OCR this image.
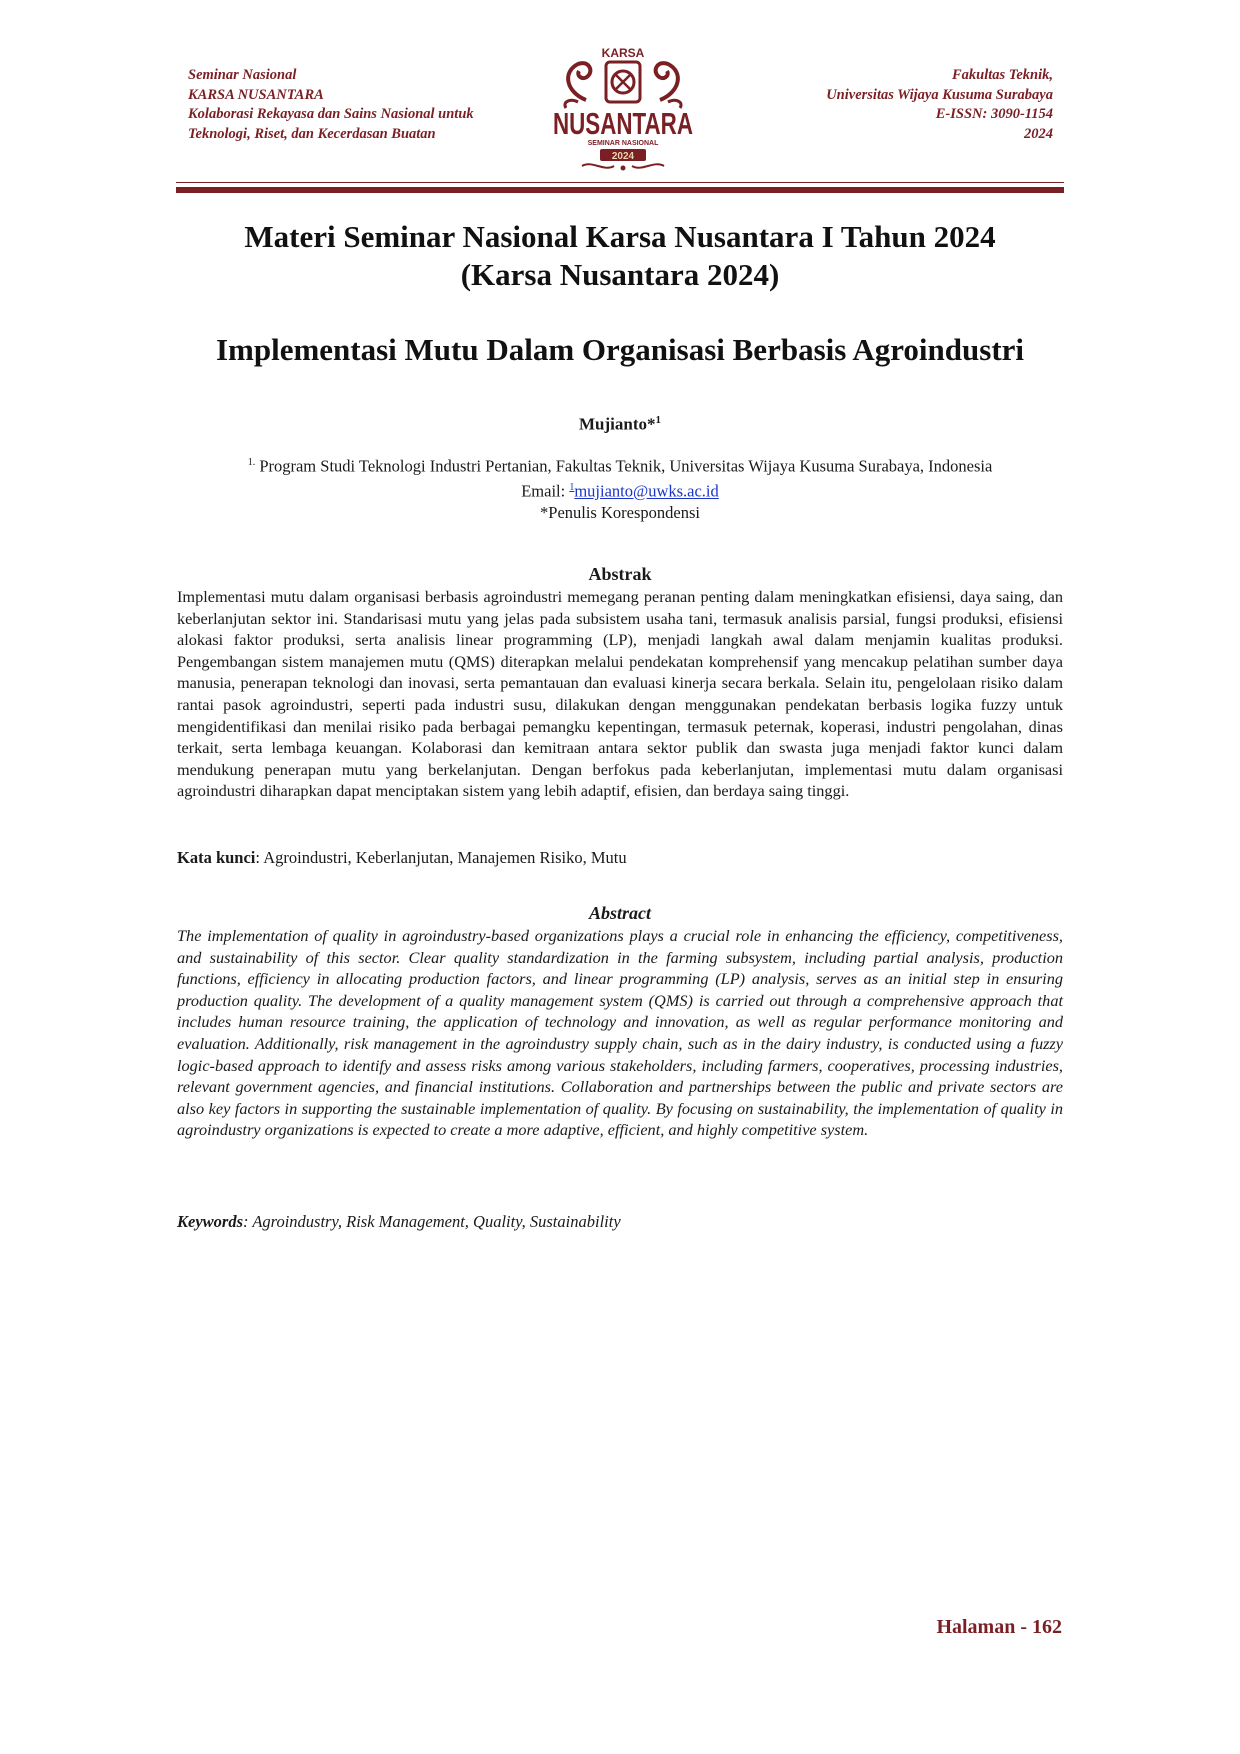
Seminar Nasional
KARSA NUSANTARA
Kolaborasi Rekayasa dan Sains Nasional untuk
Teknologi, Riset, dan Kecerdasan Buatan
KARSA
NUSANTARA
SEMINAR NASIONAL
2024
Fakultas Teknik,
Universitas Wijaya Kusuma Surabaya
E-ISSN: 3090-1154
2024
Materi Seminar Nasional Karsa Nusantara I Tahun 2024
(Karsa Nusantara 2024)
Implementasi Mutu Dalam Organisasi Berbasis Agroindustri
Mujianto*$^1$
$^{1.}$ Program Studi Teknologi Industri Pertanian, Fakultas Teknik, Universitas Wijaya Kusuma Surabaya, Indonesia
Email: $^1$mujianto@uwks.ac.id
*Penulis Korespondensi
Abstrak
Implementasi mutu dalam organisasi berbasis agroindustri memegang peranan penting dalam meningkatkan efisiensi, daya saing, dan keberlanjutan sektor ini. Standarisasi mutu yang jelas pada subsistem usaha tani, termasuk analisis parsial, fungsi produksi, efisiensi alokasi faktor produksi, serta analisis linear programming (LP), menjadi langkah awal dalam menjamin kualitas produksi. Pengembangan sistem manajemen mutu (QMS) diterapkan melalui pendekatan komprehensif yang mencakup pelatihan sumber daya manusia, penerapan teknologi dan inovasi, serta pemantauan dan evaluasi kinerja secara berkala. Selain itu, pengelolaan risiko dalam rantai pasok agroindustri, seperti pada industri susu, dilakukan dengan menggunakan pendekatan berbasis logika fuzzy untuk mengidentifikasi dan menilai risiko pada berbagai pemangku kepentingan, termasuk peternak, koperasi, industri pengolahan, dinas terkait, serta lembaga keuangan. Kolaborasi dan kemitraan antara sektor publik dan swasta juga menjadi faktor kunci dalam mendukung penerapan mutu yang berkelanjutan. Dengan berfokus pada keberlanjutan, implementasi mutu dalam organisasi agroindustri diharapkan dapat menciptakan sistem yang lebih adaptif, efisien, dan berdaya saing tinggi.
Kata kunci: Agroindustri, Keberlanjutan, Manajemen Risiko, Mutu
Abstract
The implementation of quality in agroindustry-based organizations plays a crucial role in enhancing the efficiency, competitiveness, and sustainability of this sector. Clear quality standardization in the farming subsystem, including partial analysis, production functions, efficiency in allocating production factors, and linear programming (LP) analysis, serves as an initial step in ensuring production quality. The development of a quality management system (QMS) is carried out through a comprehensive approach that includes human resource training, the application of technology and innovation, as well as regular performance monitoring and evaluation. Additionally, risk management in the agroindustry supply chain, such as in the dairy industry, is conducted using a fuzzy logic-based approach to identify and assess risks among various stakeholders, including farmers, cooperatives, processing industries, relevant government agencies, and financial institutions. Collaboration and partnerships between the public and private sectors are also key factors in supporting the sustainable implementation of quality. By focusing on sustainability, the implementation of quality in agroindustry organizations is expected to create a more adaptive, efficient, and highly competitive system.
Keywords: Agroindustry, Risk Management, Quality, Sustainability
Halaman - 162
